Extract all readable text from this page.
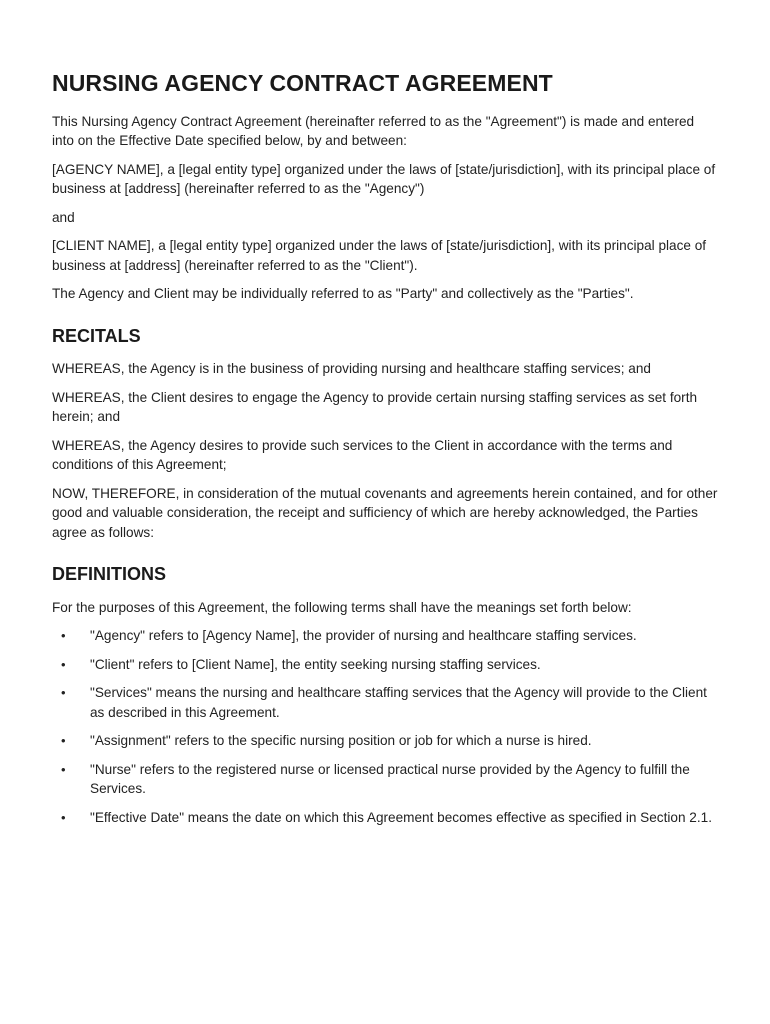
NURSING AGENCY CONTRACT AGREEMENT

This Nursing Agency Contract Agreement (hereinafter referred to as the "Agreement") is made and entered into on the Effective Date specified below, by and between:

[AGENCY NAME], a [legal entity type] organized under the laws of [state/jurisdiction], with its principal place of business at [address] (hereinafter referred to as the "Agency")

and

[CLIENT NAME], a [legal entity type] organized under the laws of [state/jurisdiction], with its principal place of business at [address] (hereinafter referred to as the "Client").

The Agency and Client may be individually referred to as "Party" and collectively as the "Parties".

RECITALS

WHEREAS, the Agency is in the business of providing nursing and healthcare staffing services; and

WHEREAS, the Client desires to engage the Agency to provide certain nursing staffing services as set forth herein; and

WHEREAS, the Agency desires to provide such services to the Client in accordance with the terms and conditions of this Agreement;

NOW, THEREFORE, in consideration of the mutual covenants and agreements herein contained, and for other good and valuable consideration, the receipt and sufficiency of which are hereby acknowledged, the Parties agree as follows:

DEFINITIONS

For the purposes of this Agreement, the following terms shall have the meanings set forth below:

• "Agency" refers to [Agency Name], the provider of nursing and healthcare staffing services.
• "Client" refers to [Client Name], the entity seeking nursing staffing services.
• "Services" means the nursing and healthcare staffing services that the Agency will provide to the Client as described in this Agreement.
• "Assignment" refers to the specific nursing position or job for which a nurse is hired.
• "Nurse" refers to the registered nurse or licensed practical nurse provided by the Agency to fulfill the Services.
• "Effective Date" means the date on which this Agreement becomes effective as specified in Section 2.1.
